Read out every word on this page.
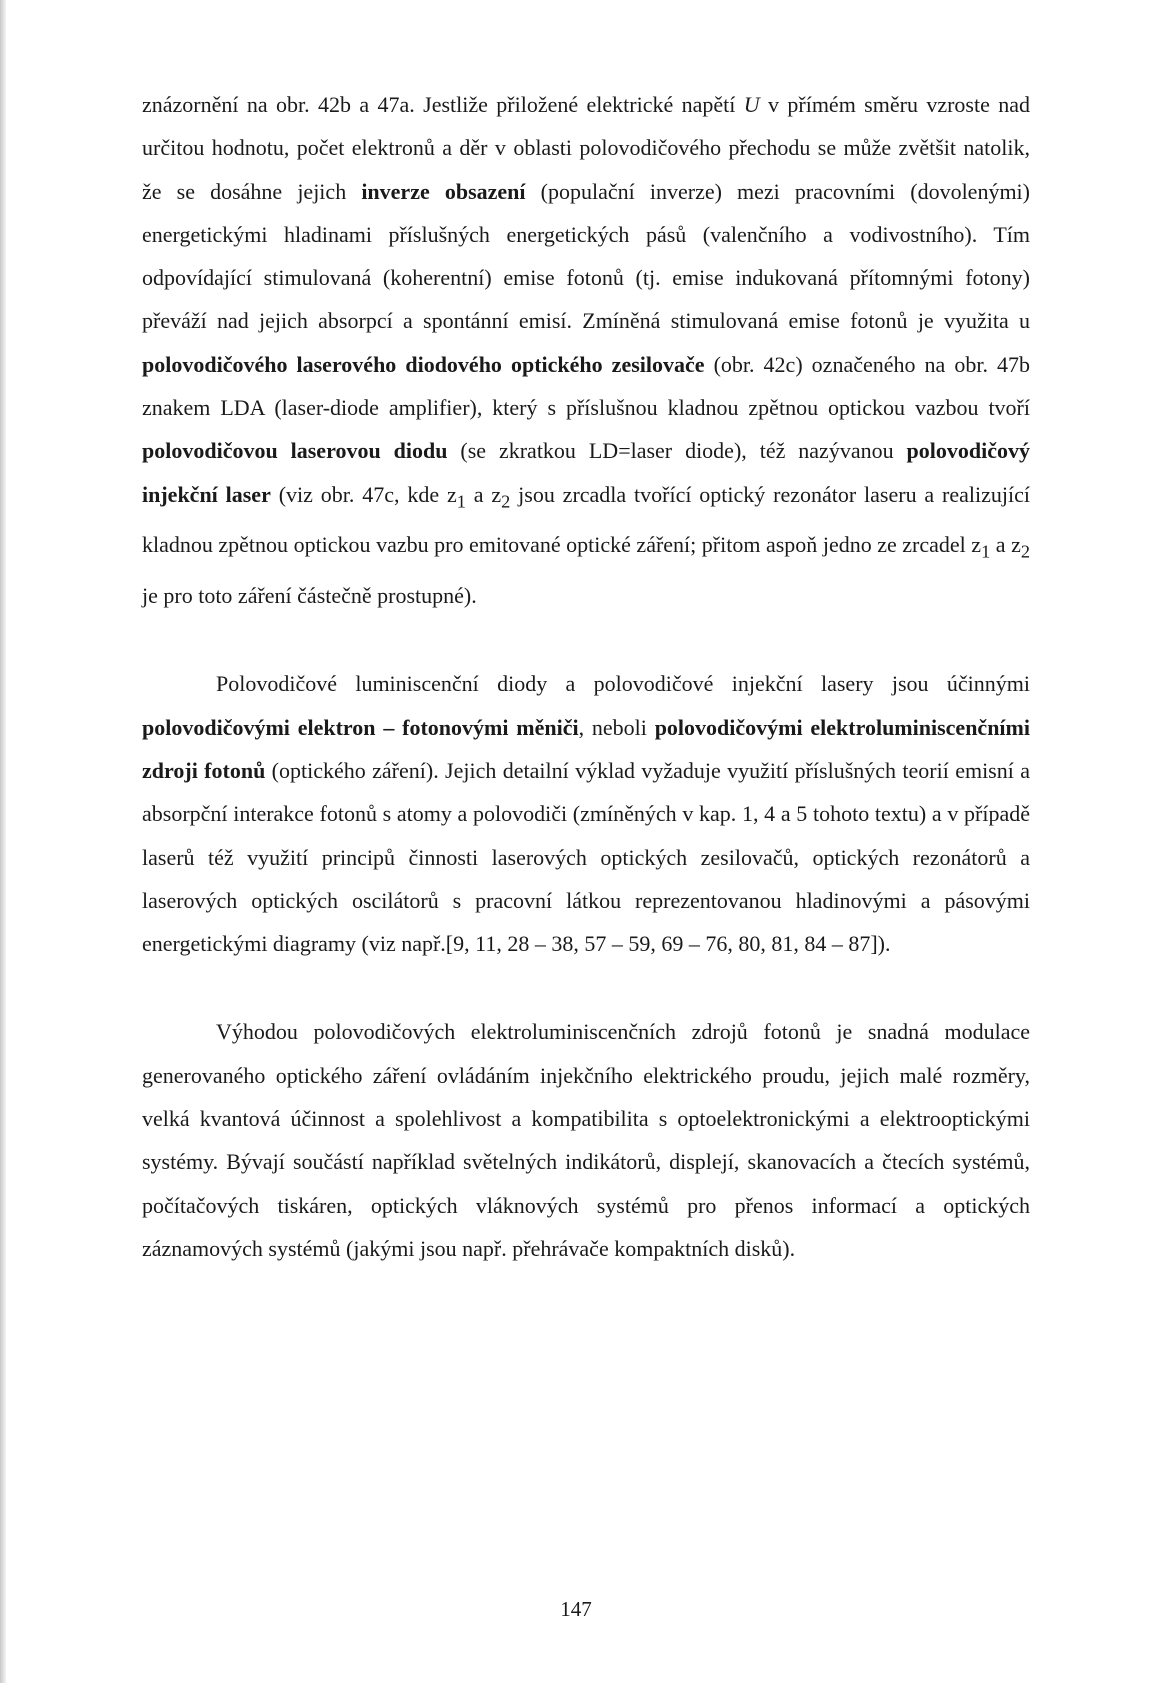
znázornění na obr. 42b a 47a. Jestliže přiložené elektrické napětí U v přímém směru vzroste nad určitou hodnotu, počet elektronů a děr v oblasti polovodičového přechodu se může zvětšit natolik, že se dosáhne jejich inverze obsazení (populační inverze) mezi pracovními (dovolenými) energetickými hladinami příslušných energetických pásů (valenčního a vodivostního). Tím odpovídající stimulovaná (koherentní) emise fotonů (tj. emise indukovaná přítomnými fotony) převáží nad jejich absorpcí a spontánní emisí. Zmíněná stimulovaná emise fotonů je využita u polovodičového laserového diodového optického zesilovače (obr. 42c) označeného na obr. 47b znakem LDA (laser-diode amplifier), který s příslušnou kladnou zpětnou optickou vazbou tvoří polovodičovou laserovou diodu (se zkratkou LD=laser diode), též nazývanou polovodičový injekční laser (viz obr. 47c, kde $z_1$ a $z_2$ jsou zrcadla tvořící optický rezonátor laseru a realizující kladnou zpětnou optickou vazbu pro emitované optické záření; přitom aspoň jedno ze zrcadel $z_1$ a $z_2$ je pro toto záření částečně prostupné).

Polovodičové luminiscenční diody a polovodičové injekční lasery jsou účinnými polovodičovými elektron – fotonovými měniči, neboli polovodičovými elektroluminiscenčními zdroji fotonů (optického záření). Jejich detailní výklad vyžaduje využití příslušných teorií emisní a absorpční interakce fotonů s atomy a polovodiči (zmíněných v kap. 1, 4 a 5 tohoto textu) a v případě laserů též využití principů činnosti laserových optických zesilovačů, optických rezonátorů a laserových optických oscilátorů s pracovní látkou reprezentovanou hladinovými a pásovými energetickými diagramy (viz např.[9, 11, 28 – 38, 57 – 59, 69 – 76, 80, 81, 84 – 87]).

Výhodou polovodičových elektroluminiscenčních zdrojů fotonů je snadná modulace generovaného optického záření ovládáním injekčního elektrického proudu, jejich malé rozměry, velká kvantová účinnost a spolehlivost a kompatibilita s optoelektronickými a elektrooptickými systémy. Bývají součástí například světelných indikátorů, displejí, skanovacích a čtecích systémů, počítačových tiskáren, optických vláknových systémů pro přenos informací a optických záznamových systémů (jakými jsou např. přehrávače kompaktních disků).

147
